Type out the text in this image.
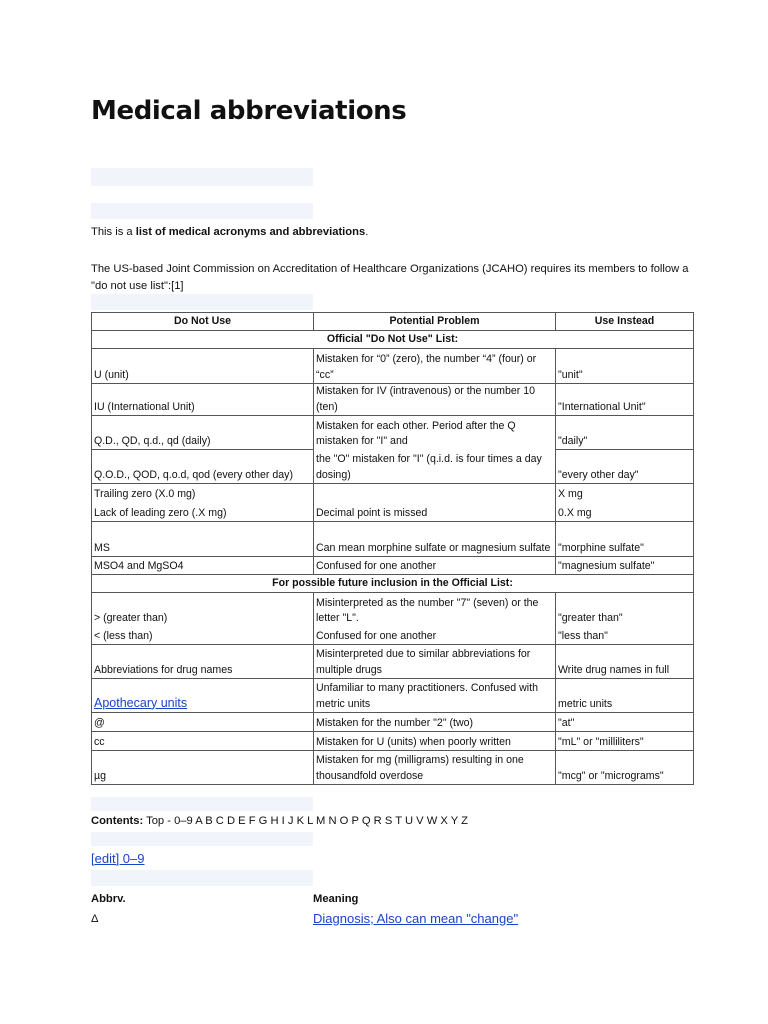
Medical abbreviations

This is a list of medical acronyms and abbreviations.

The US-based Joint Commission on Accreditation of Healthcare Organizations (JCAHO) requires its members to follow a "do not use list":[1]

Do Not Use	Potential Problem	Use Instead
Official "Do Not Use" List:		
U (unit)	Mistaken for “0” (zero), the number “4” (four) or “cc”	"unit"
IU (International Unit)	Mistaken for IV (intravenous) or the number 10 (ten)	"International Unit"
Q.D., QD, q.d., qd (daily)	Mistaken for each other. Period after the Q mistaken for "I" and	"daily"
Q.O.D., QOD, q.o.d, qod (every other day)	the "O" mistaken for "I" (q.i.d. is four times a day dosing)	"every other day"
Trailing zero (X.0 mg)		X mg
Lack of leading zero (.X mg)	Decimal point is missed	0.X mg
MS	Can mean morphine sulfate or magnesium sulfate	"morphine sulfate"
MSO4 and MgSO4	Confused for one another	"magnesium sulfate"
For possible future inclusion in the Official List:		
> (greater than)	Misinterpreted as the number "7" (seven) or the letter "L".	"greater than"
< (less than)	Confused for one another	"less than"
Abbreviations for drug names	Misinterpreted due to similar abbreviations for multiple drugs	Write drug names in full
Apothecary units	Unfamiliar to many practitioners. Confused with metric units	metric units
@	Mistaken for the number "2" (two)	"at"
cc	Mistaken for U (units) when poorly written	"mL" or "milliliters"
µg	Mistaken for mg (milligrams) resulting in one thousandfold overdose	"mcg" or "micrograms"
Contents: Top - 0–9 A B C D E F G H I J K L M N O P Q R S T U V W X Y Z
[edit] 0–9
Abbrv.	Meaning
Δ	Diagnosis; Also can mean "change"
